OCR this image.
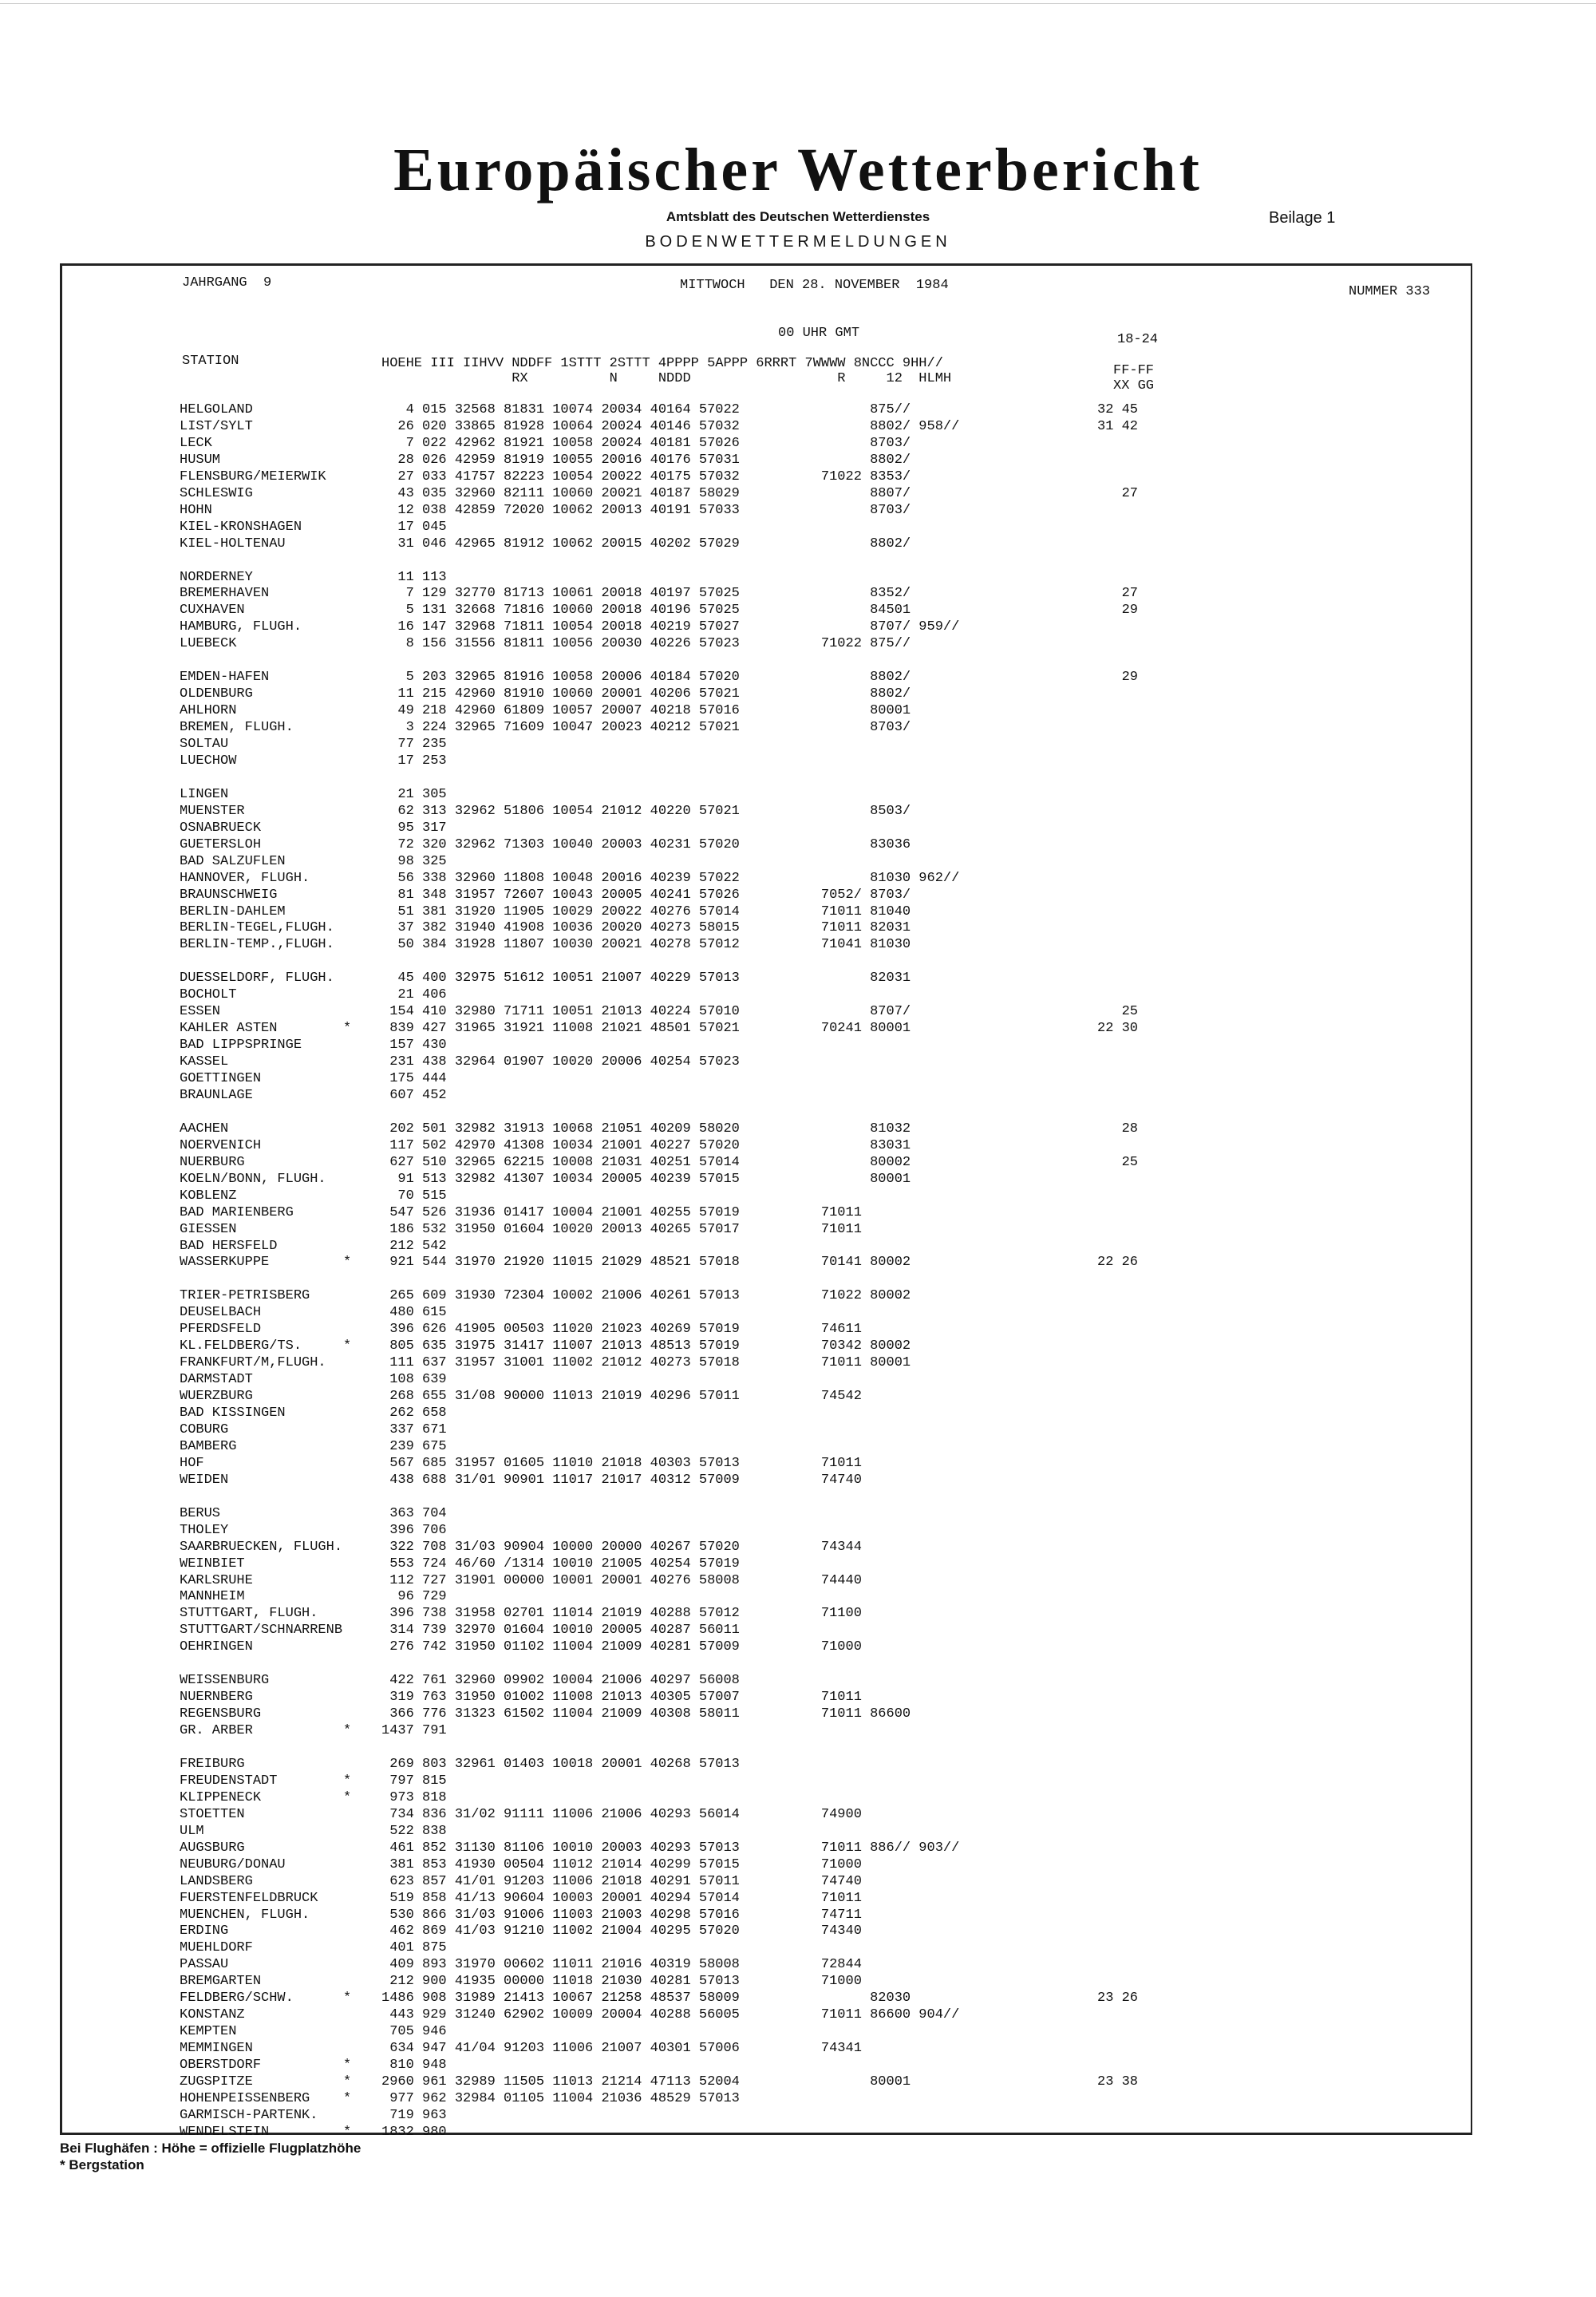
Europäischer Wetterbericht
Amtsblatt des Deutschen Wetterdienstes	Beilage 1
BODENWETTERMELDUNGEN
JAHRGANG  9	MITTWOCH   DEN 28. NOVEMBER  1984	NUMMER 333
00 UHR GMT	18-24
STATION	HOEHE III IIHVV NDDFF 1STTT 2STTT 4PPPP 5APPP 6RRRT 7WWWW 8NCCC 9HH//
RX          N     NDDD                  R     12  HLMH
FF-FF
XX GG
HELGOLAND	4 015 32568 81831 10074 20034 40164 57022                875//	32 45
LIST/SYLT	26 020 33865 81928 10064 20024 40146 57032                8802/ 958//	31 42
LECK	7 022 42962 81921 10058 20024 40181 57026                8703/
HUSUM	28 026 42959 81919 10055 20016 40176 57031                8802/
FLENSBURG/MEIERWIK	27 033 41757 82223 10054 20022 40175 57032          71022 8353/
SCHLESWIG	43 035 32960 82111 10060 20021 40187 58029                8807/	27
HOHN	12 038 42859 72020 10062 20013 40191 57033                8703/
KIEL-KRONSHAGEN	17 045
KIEL-HOLTENAU	31 046 42965 81912 10062 20015 40202 57029                8802/
NORDERNEY	11 113
BREMERHAVEN	7 129 32770 81713 10061 20018 40197 57025                8352/	27
CUXHAVEN	5 131 32668 71816 10060 20018 40196 57025                84501	29
HAMBURG, FLUGH.	16 147 32968 71811 10054 20018 40219 57027                8707/ 959//
LUEBECK	8 156 31556 81811 10056 20030 40226 57023          71022 875//
EMDEN-HAFEN	5 203 32965 81916 10058 20006 40184 57020                8802/	29
OLDENBURG	11 215 42960 81910 10060 20001 40206 57021                8802/
AHLHORN	49 218 42960 61809 10057 20007 40218 57016                80001
BREMEN, FLUGH.	3 224 32965 71609 10047 20023 40212 57021                8703/
SOLTAU	77 235
LUECHOW	17 253
LINGEN	21 305
MUENSTER	62 313 32962 51806 10054 21012 40220 57021                8503/
OSNABRUECK	95 317
GUETERSLOH	72 320 32962 71303 10040 20003 40231 57020                83036
BAD SALZUFLEN	98 325
HANNOVER, FLUGH.	56 338 32960 11808 10048 20016 40239 57022                81030 962//
BRAUNSCHWEIG	81 348 31957 72607 10043 20005 40241 57026          7052/ 8703/
BERLIN-DAHLEM	51 381 31920 11905 10029 20022 40276 57014          71011 81040
BERLIN-TEGEL,FLUGH.	37 382 31940 41908 10036 20020 40273 58015          71011 82031
BERLIN-TEMP.,FLUGH.	50 384 31928 11807 10030 20021 40278 57012          71041 81030
DUESSELDORF, FLUGH.	45 400 32975 51612 10051 21007 40229 57013                82031
BOCHOLT	21 406
ESSEN	154 410 32980 71711 10051 21013 40224 57010                8707/	25
KAHLER ASTEN	* 839 427 31965 31921 11008 21021 48501 57021          70241 80001	22 30
BAD LIPPSPRINGE	157 430
KASSEL	231 438 32964 01907 10020 20006 40254 57023
GOETTINGEN	175 444
BRAUNLAGE	607 452
AACHEN	202 501 32982 31913 10068 21051 40209 58020                81032	28
NOERVENICH	117 502 42970 41308 10034 21001 40227 57020                83031
NUERBURG	627 510 32965 62215 10008 21031 40251 57014                80002	25
KOELN/BONN, FLUGH.	91 513 32982 41307 10034 20005 40239 57015                80001
KOBLENZ	70 515
BAD MARIENBERG	547 526 31936 01417 10004 21001 40255 57019          71011
GIESSEN	186 532 31950 01604 10020 20013 40265 57017          71011
BAD HERSFELD	212 542
WASSERKUPPE	* 921 544 31970 21920 11015 21029 48521 57018          70141 80002	22 26
TRIER-PETRISBERG	265 609 31930 72304 10002 21006 40261 57013          71022 80002
DEUSELBACH	480 615
PFERDSFELD	396 626 41905 00503 11020 21023 40269 57019          74611
KL.FELDBERG/TS.	* 805 635 31975 31417 11007 21013 48513 57019          70342 80002
FRANKFURT/M,FLUGH.	111 637 31957 31001 11002 21012 40273 57018          71011 80001
DARMSTADT	108 639
WUERZBURG	268 655 31/08 90000 11013 21019 40296 57011          74542
BAD KISSINGEN	262 658
COBURG	337 671
BAMBERG	239 675
HOF	567 685 31957 01605 11010 21018 40303 57013          71011
WEIDEN	438 688 31/01 90901 11017 21017 40312 57009          74740
BERUS	363 704
THOLEY	396 706
SAARBRUECKEN, FLUGH.	322 708 31/03 90904 10000 20000 40267 57020          74344
WEINBIET	553 724 46/60 /1314 10010 21005 40254 57019
KARLSRUHE	112 727 31901 00000 10001 20001 40276 58008          74440
MANNHEIM	96 729
STUTTGART, FLUGH.	396 738 31958 02701 11014 21019 40288 57012          71100
STUTTGART/SCHNARRENB	314 739 32970 01604 10010 20005 40287 56011
OEHRINGEN	276 742 31950 01102 11004 21009 40281 57009          71000
WEISSENBURG	422 761 32960 09902 10004 21006 40297 56008
NUERNBERG	319 763 31950 01002 11008 21013 40305 57007          71011
REGENSBURG	366 776 31323 61502 11004 21009 40308 58011          71011 86600
GR. ARBER	* 1437 791
FREIBURG	269 803 32961 01403 10018 20001 40268 57013
FREUDENSTADT	* 797 815
KLIPPENECK	* 973 818
STOETTEN	734 836 31/02 91111 11006 21006 40293 56014          74900
ULM	522 838
AUGSBURG	461 852 31130 81106 10010 20003 40293 57013          71011 886// 903//
NEUBURG/DONAU	381 853 41930 00504 11012 21014 40299 57015          71000
LANDSBERG	623 857 41/01 91203 11006 21018 40291 57011          74740
FUERSTENFELDBRUCK	519 858 41/13 90604 10003 20001 40294 57014          71011
MUENCHEN, FLUGH.	530 866 31/03 91006 11003 21003 40298 57016          74711
ERDING	462 869 41/03 91210 11002 21004 40295 57020          74340
MUEHLDORF	401 875
PASSAU	409 893 31970 00602 11011 21016 40319 58008          72844
BREMGARTEN	212 900 41935 00000 11018 21030 40281 57013          71000
FELDBERG/SCHW.	* 1486 908 31989 21413 10067 21258 48537 58009                82030	23 26
KONSTANZ	443 929 31240 62902 10009 20004 40288 56005          71011 86600 904//
KEMPTEN	705 946
MEMMINGEN	634 947 41/04 91203 11006 21007 40301 57006          74341
OBERSTDORF	* 810 948
ZUGSPITZE	* 2960 961 32989 11505 11013 21214 47113 52004                80001	23 38
HOHENPEISSENBERG * 977 962 32984 01105 11004 21036 48529 57013
GARMISCH-PARTENK.	719 963
WENDELSTEIN	* 1832 980
Bei Flughäfen : Höhe = offizielle Flugplatzhöhe
* Bergstation
